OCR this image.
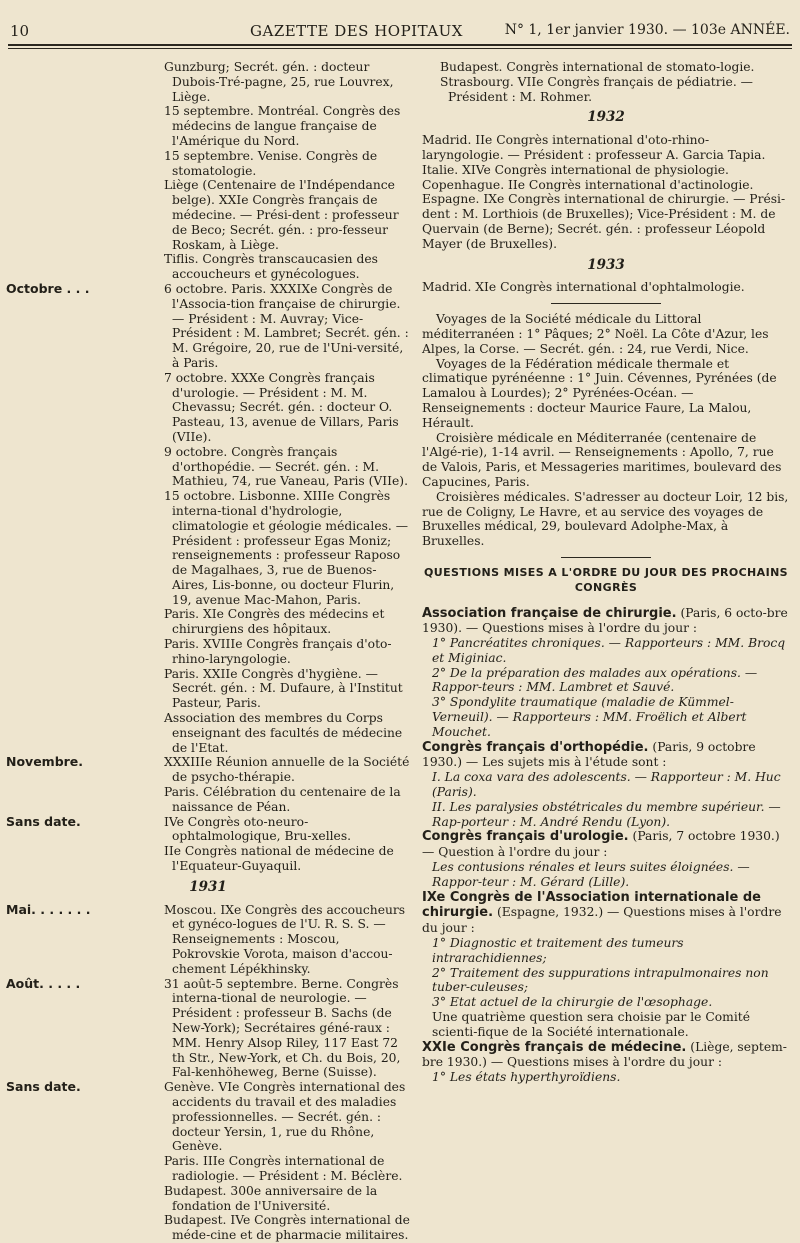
10	GAZETTE DES HOPITAUX	N° 1, 1er janvier 1930. — 103e ANNÉE.

Gunzburg; Secrét. gén. : docteur Dubois-Tré-pagne, 25, rue Louvrex, Liège.

15 septembre. Montréal. Congrès des médecins de langue française de l'Amérique du Nord.

15 septembre. Venise. Congrès de stomatologie.

Liège (Centenaire de l'Indépendance belge). XXIe Congrès français de médecine. — Prési-dent : professeur de Beco; Secrét. gén. : pro-fesseur Roskam, à Liège.

Tiflis. Congrès transcaucasien des accoucheurs et gynécologues.

Octobre . . .	6 octobre. Paris. XXXIXe Congrès de l'Associa-tion française de chirurgie. — Président : M. Auvray; Vice-Président : M. Lambret; Secrét. gén. : M. Grégoire, 20, rue de l'Uni-versité, à Paris.

7 octobre. XXXe Congrès français d'urologie. — Président : M. M. Chevassu; Secrét. gén. : docteur O. Pasteau, 13, avenue de Villars, Paris (VIIe).

9 octobre. Congrès français d'orthopédie. — Secrét. gén. : M. Mathieu, 74, rue Vaneau, Paris (VIIe).

15 octobre. Lisbonne. XIIIe Congrès interna-tional d'hydrologie, climatologie et géologie médicales. — Président : professeur Egas Moniz; renseignements : professeur Raposo de Magalhaes, 3, rue de Buenos-Aires, Lis-bonne, ou docteur Flurin, 19, avenue Mac-Mahon, Paris.

Paris. XIe Congrès des médecins et chirurgiens des hôpitaux.

Paris. XVIIIe Congrès français d'oto-rhino-laryngologie.

Paris. XXIIe Congrès d'hygiène. — Secrét. gén. : M. Dufaure, à l'Institut Pasteur, Paris.

Association des membres du Corps enseignant des facultés de médecine de l'Etat.

Novembre.	XXXIIIe Réunion annuelle de la Société de psycho-thérapie.

Paris. Célébration du centenaire de la naissance de Péan.

Sans date.	IVe Congrès oto-neuro-ophtalmologique, Bru-xelles.

IIe Congrès national de médecine de l'Equateur-Guyaquil.

1931
Mai. . . . . . .	Moscou. IXe Congrès des accoucheurs et gynéco-logues de l'U. R. S. S. — Renseignements : Moscou, Pokrovskie Vorota, maison d'accou-chement Lépékhinsky.

Août. . . . .	31 août-5 septembre. Berne. Congrès interna-tional de neurologie. — Président : professeur B. Sachs (de New-York); Secrétaires géné-raux : MM. Henry Alsop Riley, 117 East 72 th Str., New-York, et Ch. du Bois, 20, Fal-kenhöheweg, Berne (Suisse).

Sans date.	Genève. VIe Congrès international des accidents du travail et des maladies professionnelles. — Secrét. gén. : docteur Yersin, 1, rue du Rhône, Genève.

Paris. IIIe Congrès international de radiologie. — Président : M. Béclère.

Budapest. 300e anniversaire de la fondation de l'Université.

Budapest. IVe Congrès international de méde-cine et de pharmacie militaires.

Budapest. Congrès international de stomato-logie.

Strasbourg. VIIe Congrès français de pédiatrie. — Président : M. Rohmer.

1932

Madrid. IIe Congrès international d'oto-rhino-laryngologie. — Président : professeur A. Garcia Tapia.

Italie. XIVe Congrès international de physiologie.

Copenhague. IIe Congrès international d'actinologie.

Espagne. IXe Congrès international de chirurgie. — Prési-dent : M. Lorthiois (de Bruxelles); Vice-Président : M. de Quervain (de Berne); Secrét. gén. : professeur Léopold Mayer (de Bruxelles).

1933

Madrid. XIe Congrès international d'ophtalmologie.

Voyages de la Société médicale du Littoral méditerranéen : 1° Pâques; 2° Noël. La Côte d'Azur, les Alpes, la Corse. — Secrét. gén. : 24, rue Verdi, Nice.

Voyages de la Fédération médicale thermale et climatique pyrénéenne : 1° Juin. Cévennes, Pyrénées (de Lamalou à Lourdes); 2° Pyrénées-Océan. — Renseignements : docteur Maurice Faure, La Malou, Hérault.

Croisière médicale en Méditerranée (centenaire de l'Algé-rie), 1-14 avril. — Renseignements : Apollo, 7, rue de Valois, Paris, et Messageries maritimes, boulevard des Capucines, Paris.

Croisières médicales. S'adresser au docteur Loir, 12 bis, rue de Coligny, Le Havre, et au service des voyages de Bruxelles médical, 29, boulevard Adolphe-Max, à Bruxelles.

QUESTIONS MISES A L'ORDRE DU JOUR DES PROCHAINS CONGRÈS

Association française de chirurgie. (Paris, 6 octo-bre 1930). — Questions mises à l'ordre du jour :

1° Pancréatites chroniques. — Rapporteurs : MM. Brocq et Miginiac.

2° De la préparation des malades aux opérations. — Rappor-teurs : MM. Lambret et Sauvé.

3° Spondylite traumatique (maladie de Kümmel-Verneuil). — Rapporteurs : MM. Froëlich et Albert Mouchet.

Congrès français d'orthopédie. (Paris, 9 octobre 1930.) — Les sujets mis à l'étude sont :

I. La coxa vara des adolescents. — Rapporteur : M. Huc (Paris).

II. Les paralysies obstétricales du membre supérieur. — Rap-porteur : M. André Rendu (Lyon).

Congrès français d'urologie. (Paris, 7 octobre 1930.) — Question à l'ordre du jour :

Les contusions rénales et leurs suites éloignées. — Rappor-teur : M. Gérard (Lille).

IXe Congrès de l'Association internationale de chirurgie. (Espagne, 1932.) — Questions mises à l'ordre du jour :

1° Diagnostic et traitement des tumeurs intrarachidiennes;

2° Traitement des suppurations intrapulmonaires non tuber-culeuses;

3° Etat actuel de la chirurgie de l'œsophage.

Une quatrième question sera choisie par le Comité scienti-fique de la Société internationale.

XXIe Congrès français de médecine. (Liège, septem-bre 1930.) — Questions mises à l'ordre du jour :

1° Les états hyperthyroïdiens.
